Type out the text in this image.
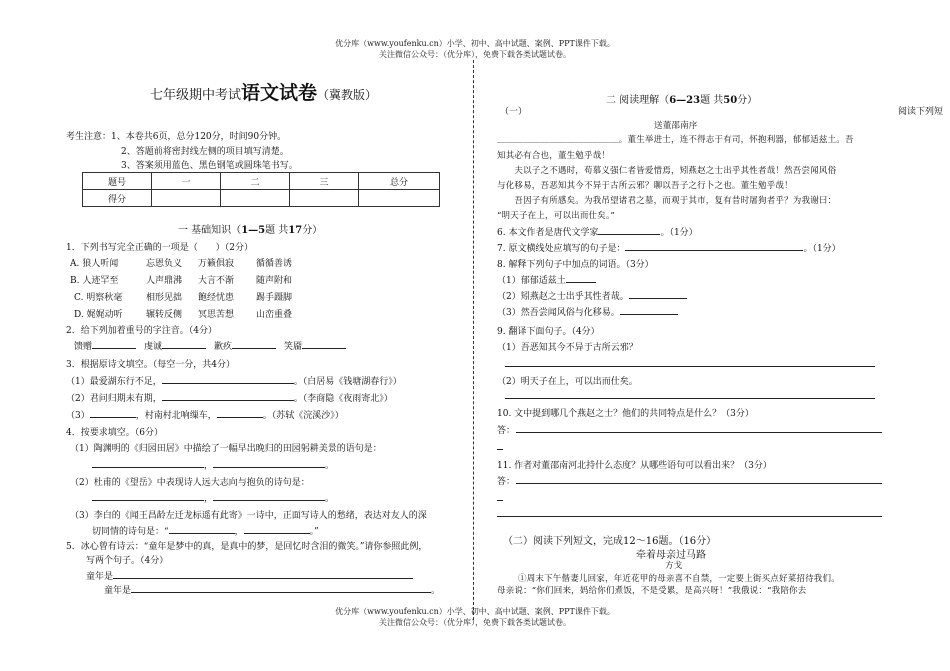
优分库（www.youfenku.cn）小学、初中、高中试题、案例、PPT课件下载。
关注微信公众号：（优分库），免费下载各类试题试卷。
七年级期中考试语文试卷（冀教版）
考生注意：1、本卷共6页，总分120分，时间90分钟。
2、答题前将密封线左侧的项目填写清楚。
3、答案须用蓝色、黑色钢笔或圆珠笔书写。
题号	一	二	三	总分
得分				
一 基础知识（1—5题 共17分）
1．下列书写完全正确的一项是（　　）（2分）
A. 狼人听闻	忘恩负义 万籁俱寂 循循善诱
B. 人迹罕至	人声鼎沸 大言不渐 随声附和
C. 明察秋毫	相形见拙 飽经忧患 踢手蹑脚
D. 娓娓动听	辗转反侧 冥思苦想 山峦重叠
2．给下列加着重号的字注音。（4分）
馈赠	虔诚	歉疚	笑靥
3．根据原诗文填空。（每空一分，共4分）
（1）最爱湖东行不足，	。（白居易《钱塘湖春行》）
（2）君问归期未有期，	。（李商隐《夜雨寄北》）
（3）	，村南村北响缫车，	。（苏轼《浣溪沙》）
4．按要求填空。（6分）
（1）陶渊明的《归园田居》中描绘了一幅早出晚归的田园躬耕美景的语句是：
，	。
（2）杜甫的《望岳》中表现诗人远大志向与抱负的诗句是：
，	。
（3）李白的《闻王昌龄左迁龙标遥有此寄》一诗中，正面写诗人的愁绪，表达对友人的深
切同情的诗句是：“	，	。”
5．冰心曾有诗云：“童年是梦中的真，是真中的梦，是回忆时含泪的微笑。”请你参照此例，
写两个句子。（4分）
童年是
童年是	。
二 阅读理解（6—23题 共50分）
（一）	阅读下列短
送董邵南序
＿＿＿＿＿＿＿＿＿＿＿＿＿＿。董生举进士，连不得志于有司，怀抱利器，郁郁适兹土。吾
知其必有合也，董生勉乎哉！
　　夫以子之不遇时，苟慕义强仁者皆爱惜焉，矧燕赵之士出乎其性者哉！然吾尝闻风俗
与化移易，吾恶知其今不异于古所云邪？聊以吾子之行卜之也。董生勉乎哉！
　　吾因子有所感矣。为我吊望诸君之墓，而观于其市，复有昔时屠狗者乎？为我谢曰：
“明天子在上，可以出而仕矣。”
6. 本文作者是唐代文学家	。（1分）
7. 原文横线处应填写的句子是：	。（1分）
8. 解释下列句子中加点的词语。（3分）
（1）郁郁适兹土
（2）矧燕赵之士出乎其性者哉。
（3）然吾尝闻风俗与化移易。
9. 翻译下面句子。（4分）
（1）吾恶知其今不异于古所云邪？
（2）明天子在上，可以出而仕矣。
10. 文中提到哪几个燕赵之士？他们的共同特点是什么？（3分）
答：
11. 作者对董邵南河北持什么态度？从哪些语句可以看出来？（3分）
答：
（二）阅读下列短文，完成12～16题。（16分）
牵着母亲过马路
方戈
①周末下午偕妻儿回家，年近花甲的母亲喜不自禁，一定要上街买点好菜招待我们。
母亲说：“你们回来，妈给你们煮饭，不是受累，是高兴呀！”我俄说：“我陪你去
优分库（www.youfenku.cn）小学、初中、高中试题、案例、PPT课件下载。
关注微信公众号：（优分库），免费下载各类试题试卷。
